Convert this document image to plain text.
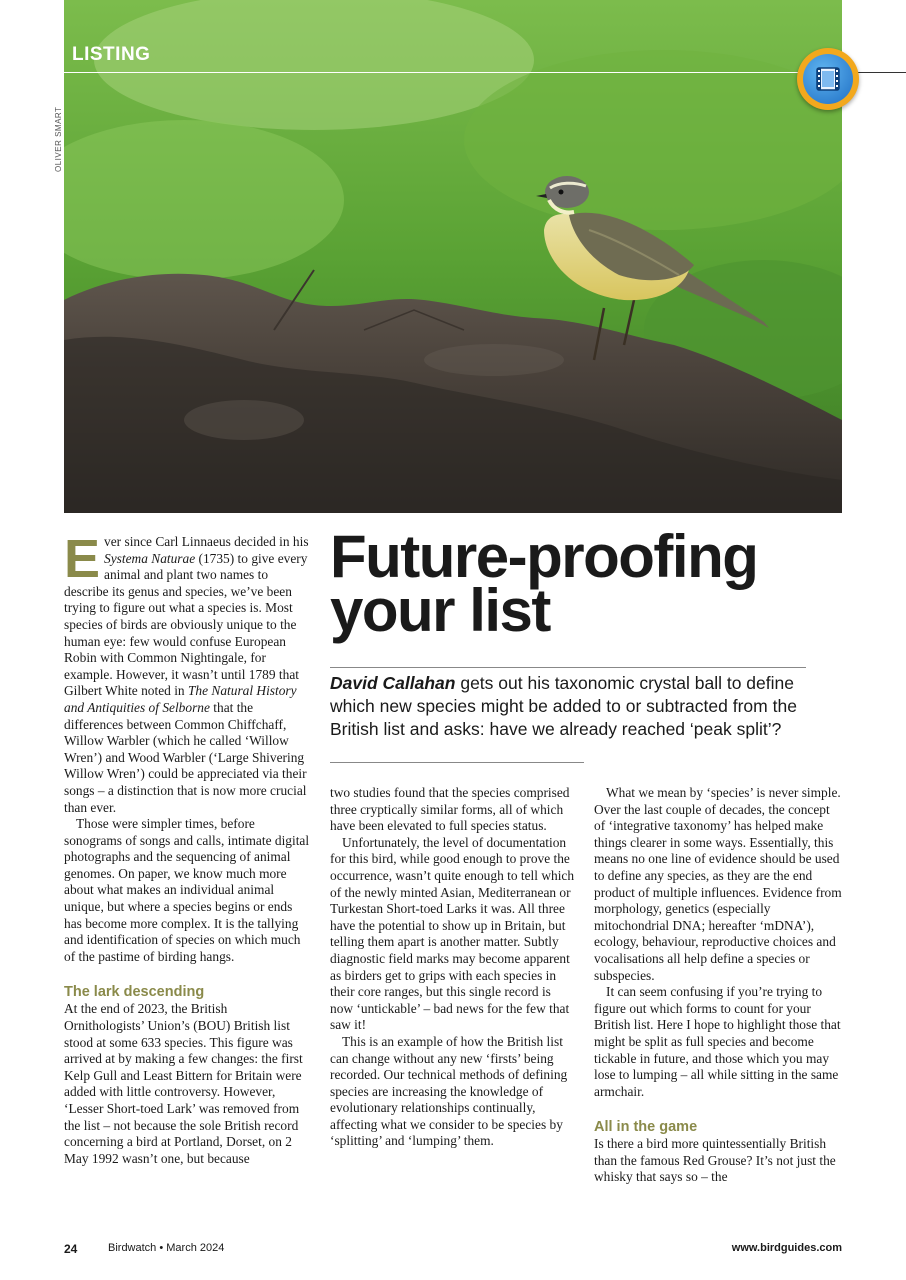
LISTING
OLIVER SMART
Future-proofing
your list
David Callahan gets out his taxonomic crystal ball to define which new species might be added to or subtracted from the British list and asks: have we already reached ‘peak split’?

Ever since Carl Linnaeus decided in his Systema Naturae (1735) to give every animal and plant two names to describe its genus and species, we’ve been trying to figure out what a species is. Most species of birds are obviously unique to the human eye: few would confuse European Robin with Common Nightingale, for example. However, it wasn’t until 1789 that Gilbert White noted in The Natural History and Antiquities of Selborne that the differences between Common Chiffchaff, Willow Warbler (which he called ‘Willow Wren’) and Wood Warbler (‘Large Shivering Willow Wren’) could be appreciated via their songs – a distinction that is now more crucial than ever.

Those were simpler times, before sonograms of songs and calls, intimate digital photographs and the sequencing of animal genomes. On paper, we know much more about what makes an individual animal unique, but where a species begins or ends has become more complex. It is the tallying and identification of species on which much of the pastime of birding hangs.

The lark descending

At the end of 2023, the British Ornithologists’ Union’s (BOU) British list stood at some 633 species. This figure was arrived at by making a few changes: the first Kelp Gull and Least Bittern for Britain were added with little controversy. However, ‘Lesser Short-toed Lark’ was removed from the list – not because the sole British record concerning a bird at Portland, Dorset, on 2 May 1992 wasn’t one, but because

two studies found that the species comprised three cryptically similar forms, all of which have been elevated to full species status.

Unfortunately, the level of documentation for this bird, while good enough to prove the occurrence, wasn’t quite enough to tell which of the newly minted Asian, Mediterranean or Turkestan Short-toed Larks it was. All three have the potential to show up in Britain, but telling them apart is another matter. Subtly diagnostic field marks may become apparent as birders get to grips with each species in their core ranges, but this single record is now ‘untickable’ – bad news for the few that saw it!

This is an example of how the British list can change without any new ‘firsts’ being recorded. Our technical methods of defining species are increasing the knowledge of evolutionary relationships continually, affecting what we consider to be species by ‘splitting’ and ‘lumping’ them.

What we mean by ‘species’ is never simple. Over the last couple of decades, the concept of ‘integrative taxonomy’ has helped make things clearer in some ways. Essentially, this means no one line of evidence should be used to define any species, as they are the end product of multiple influences. Evidence from morphology, genetics (especially mitochondrial DNA; hereafter ‘mDNA’), ecology, behaviour, reproductive choices and vocalisations all help define a species or subspecies.

It can seem confusing if you’re trying to figure out which forms to count for your British list. Here I hope to highlight those that might be split as full species and become tickable in future, and those which you may lose to lumping – all while sitting in the same armchair.

All in the game

Is there a bird more quintessentially British than the famous Red Grouse? It’s not just the whisky that says so – the

24	Birdwatch • March 2024	www.birdguides.com
